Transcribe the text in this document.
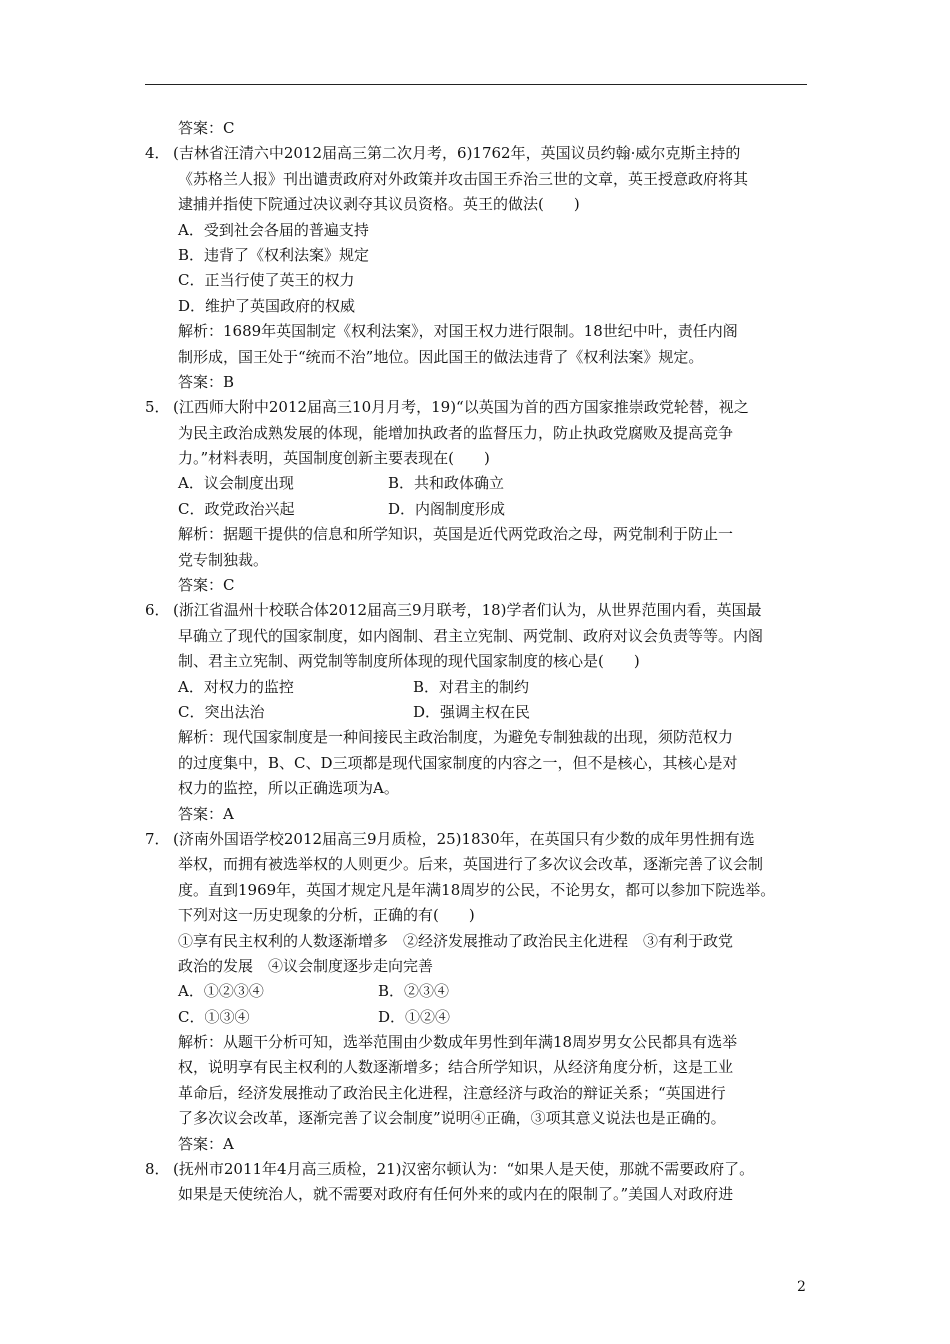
答案：C
4． (吉林省汪清六中2012届高三第二次月考，6)1762年，英国议员约翰·威尔克斯主持的
《苏格兰人报》刊出谴责政府对外政策并攻击国王乔治三世的文章，英王授意政府将其
逮捕并指使下院通过决议剥夺其议员资格。英王的做法(　　)
A．受到社会各届的普遍支持
B．违背了《权利法案》规定
C．正当行使了英王的权力
D．维护了英国政府的权威
解析：1689年英国制定《权利法案》，对国王权力进行限制。18世纪中叶，责任内阁
制形成，国王处于“统而不治”地位。因此国王的做法违背了《权利法案》规定。
答案：B
5． (江西师大附中2012届高三10月月考，19)“以英国为首的西方国家推崇政党轮替，视之
为民主政治成熟发展的体现，能增加执政者的监督压力，防止执政党腐败及提高竞争
力。”材料表明，英国制度创新主要表现在(　　)
A．议会制度出现	B．共和政体确立
C．政党政治兴起	D．内阁制度形成
解析：据题干提供的信息和所学知识，英国是近代两党政治之母，两党制利于防止一
党专制独裁。
答案：C
6． (浙江省温州十校联合体2012届高三9月联考，18)学者们认为，从世界范围内看，英国最
早确立了现代的国家制度，如内阁制、君主立宪制、两党制、政府对议会负责等等。内阁
制、君主立宪制、两党制等制度所体现的现代国家制度的核心是(　　)
A．对权力的监控	B．对君主的制约
C．突出法治	D．强调主权在民
解析：现代国家制度是一种间接民主政治制度，为避免专制独裁的出现，须防范权力
的过度集中，B、C、D三项都是现代国家制度的内容之一，但不是核心，其核心是对
权力的监控，所以正确选项为A。
答案：A
7． (济南外国语学校2012届高三9月质检，25)1830年，在英国只有少数的成年男性拥有选
举权，而拥有被选举权的人则更少。后来，英国进行了多次议会改革，逐渐完善了议会制
度。直到1969年，英国才规定凡是年满18周岁的公民，不论男女，都可以参加下院选举。
下列对这一历史现象的分析，正确的有(　　)
①享有民主权利的人数逐渐增多　②经济发展推动了政治民主化进程　③有利于政党
政治的发展　④议会制度逐步走向完善
A．①②③④	B．②③④
C．①③④	D．①②④
解析：从题干分析可知，选举范围由少数成年男性到年满18周岁男女公民都具有选举
权，说明享有民主权利的人数逐渐增多；结合所学知识，从经济角度分析，这是工业
革命后，经济发展推动了政治民主化进程，注意经济与政治的辩证关系；“英国进行
了多次议会改革，逐渐完善了议会制度”说明④正确，③项其意义说法也是正确的。
答案：A
8． (抚州市2011年4月高三质检，21)汉密尔顿认为：“如果人是天使，那就不需要政府了。
如果是天使统治人，就不需要对政府有任何外来的或内在的限制了。”美国人对政府进
2
